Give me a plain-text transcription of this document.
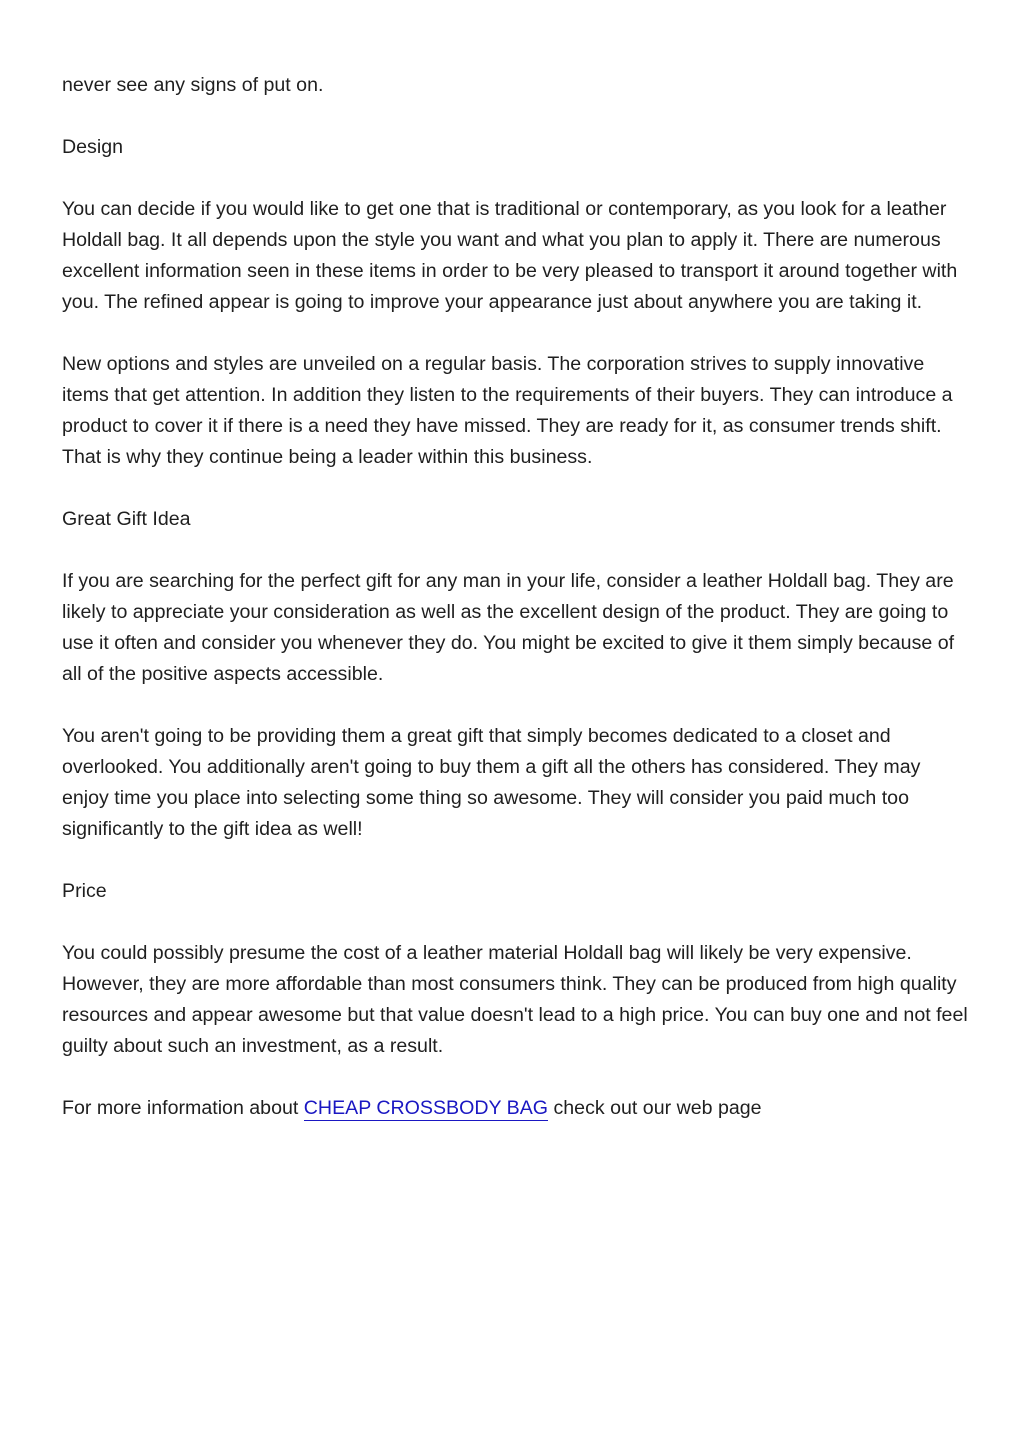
never see any signs of put on.

Design

You can decide if you would like to get one that is traditional or contemporary, as you look for a leather Holdall bag. It all depends upon the style you want and what you plan to apply it. There are numerous excellent information seen in these items in order to be very pleased to transport it around together with you. The refined appear is going to improve your appearance just about anywhere you are taking it.

New options and styles are unveiled on a regular basis. The corporation strives to supply innovative items that get attention. In addition they listen to the requirements of their buyers. They can introduce a product to cover it if there is a need they have missed. They are ready for it, as consumer trends shift. That is why they continue being a leader within this business.

Great Gift Idea

If you are searching for the perfect gift for any man in your life, consider a leather Holdall bag. They are likely to appreciate your consideration as well as the excellent design of the product. They are going to use it often and consider you whenever they do. You might be excited to give it them simply because of all of the positive aspects accessible.

You aren't going to be providing them a great gift that simply becomes dedicated to a closet and overlooked. You additionally aren't going to buy them a gift all the others has considered. They may enjoy time you place into selecting some thing so awesome. They will consider you paid much too significantly to the gift idea as well!

Price

You could possibly presume the cost of a leather material Holdall bag will likely be very expensive. However, they are more affordable than most consumers think. They can be produced from high quality resources and appear awesome but that value doesn't lead to a high price. You can buy one and not feel guilty about such an investment, as a result.

For more information about CHEAP CROSSBODY BAG check out our web page
